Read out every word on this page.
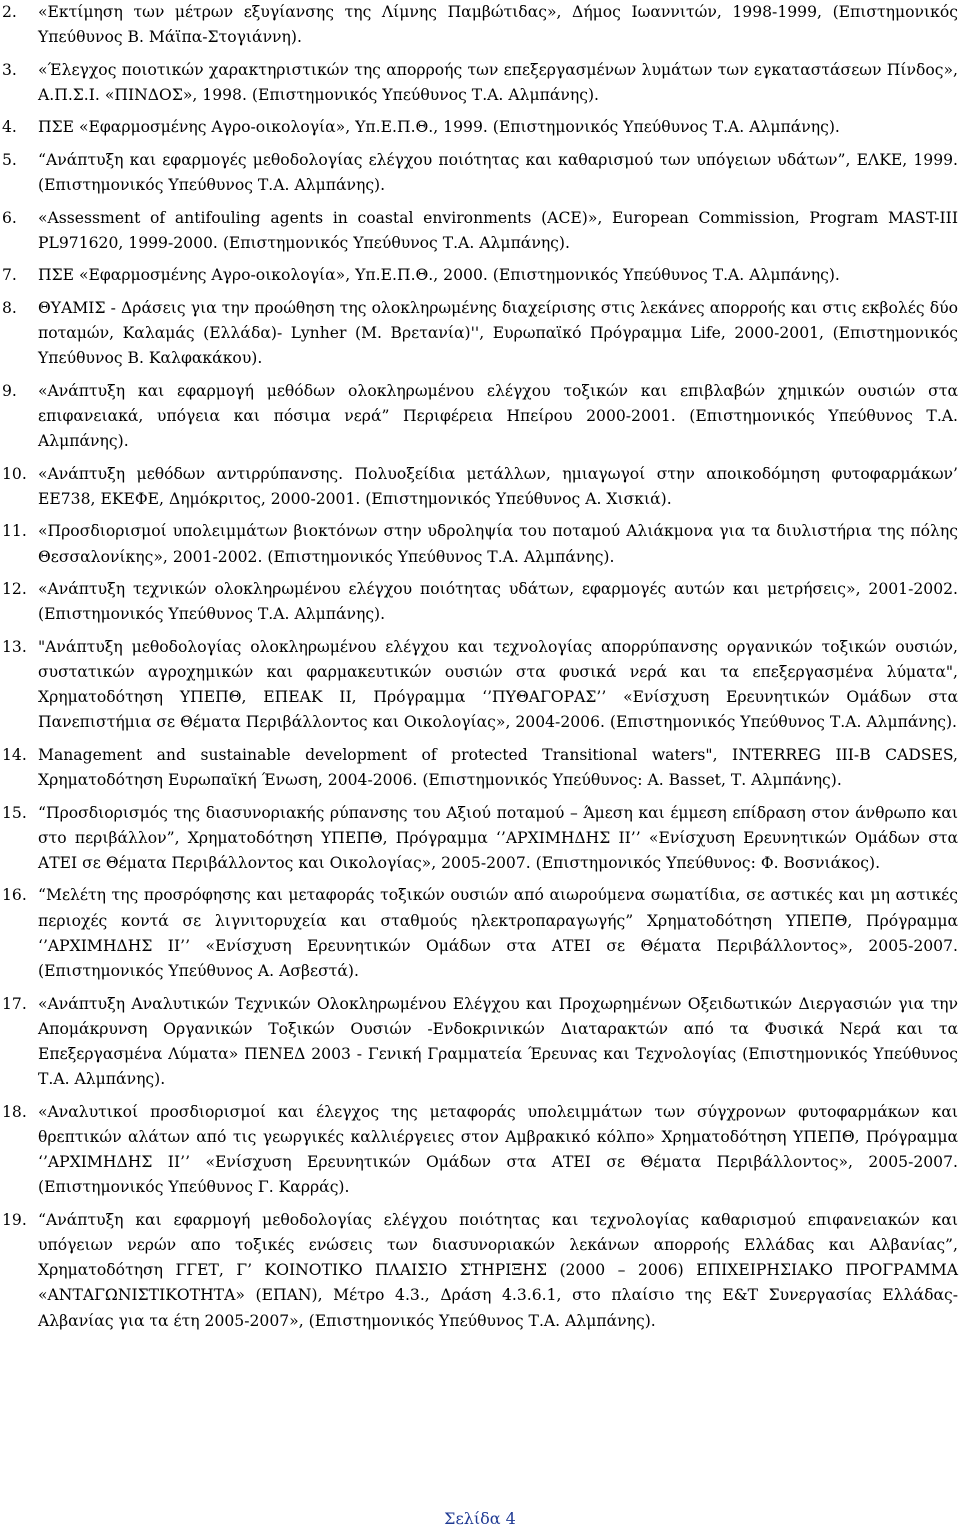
2. «Εκτίμηση των μέτρων εξυγίανσης της Λίμνης Παμβώτιδας», Δήμος Ιωαννιτών, 1998-1999, (Επιστημονικός Υπεύθυνος Β. Μάϊπα-Στογιάννη).
3. «Έλεγχος ποιοτικών χαρακτηριστικών της απορροής των επεξεργασμένων λυμάτων των εγκαταστάσεων Πίνδος», Α.Π.Σ.Ι. «ΠΙΝΔΟΣ», 1998. (Επιστημονικός Υπεύθυνος Τ.Α. Αλμπάνης).
4. ΠΣΕ «Εφαρμοσμένης Αγρο-οικολογία», Υπ.Ε.Π.Θ., 1999. (Επιστημονικός Υπεύθυνος Τ.Α. Αλμπάνης).
5. “Ανάπτυξη και εφαρμογές μεθοδολογίας ελέγχου ποιότητας και καθαρισμού των υπόγειων υδάτων”, ΕΛΚΕ, 1999. (Επιστημονικός Υπεύθυνος Τ.Α. Αλμπάνης).
6. «Assessment of antifouling agents in coastal environments (ACE)», European Commission, Program MAST-III PL971620, 1999-2000. (Επιστημονικός Υπεύθυνος Τ.Α. Αλμπάνης).
7. ΠΣΕ «Εφαρμοσμένης Αγρο-οικολογία», Υπ.Ε.Π.Θ., 2000. (Επιστημονικός Υπεύθυνος Τ.Α. Αλμπάνης).
8. ΘΥΑΜΙΣ - Δράσεις για την προώθηση της ολοκληρωμένης διαχείρισης στις λεκάνες απορροής και στις εκβολές δύο ποταμών, Καλαμάς (Ελλάδα)- Lynher (Μ. Βρετανία)'', Ευρωπαϊκό Πρόγραμμα Life, 2000-2001, (Επιστημονικός Υπεύθυνος Β. Καλφακάκου).
9. «Ανάπτυξη και εφαρμογή μεθόδων ολοκληρωμένου ελέγχου τοξικών και επιβλαβών χημικών ουσιών στα επιφανειακά, υπόγεια και πόσιμα νερά” Περιφέρεια Ηπείρου 2000-2001. (Επιστημονικός Υπεύθυνος Τ.Α. Αλμπάνης).
10. «Ανάπτυξη μεθόδων αντιρρύπανσης. Πολυοξείδια μετάλλων, ημιαγωγοί στην αποικοδόμηση φυτοφαρμάκων’ ΕΕ738, ΕΚΕΦΕ, Δημόκριτος, 2000-2001. (Επιστημονικός Υπεύθυνος Α. Χισκιά).
11. «Προσδιορισμοί υπολειμμάτων βιοκτόνων στην υδροληψία του ποταμού Αλιάκμονα για τα διυλιστήρια της πόλης Θεσσαλονίκης», 2001-2002. (Επιστημονικός Υπεύθυνος Τ.Α. Αλμπάνης).
12. «Ανάπτυξη τεχνικών ολοκληρωμένου ελέγχου ποιότητας υδάτων, εφαρμογές αυτών και μετρήσεις», 2001-2002. (Επιστημονικός Υπεύθυνος Τ.Α. Αλμπάνης).
13. "Ανάπτυξη μεθοδολογίας ολοκληρωμένου ελέγχου και τεχνολογίας απορρύπανσης οργανικών τοξικών ουσιών, συστατικών αγροχημικών και φαρμακευτικών ουσιών στα φυσικά νερά και τα επεξεργασμένα λύματα", Χρηματοδότηση ΥΠΕΠΘ, ΕΠΕΑΚ ΙΙ, Πρόγραμμα ‘’ΠΥΘΑΓΟΡΑΣ’’ «Ενίσχυση Ερευνητικών Ομάδων στα Πανεπιστήμια σε Θέματα Περιβάλλοντος και Οικολογίας», 2004-2006. (Επιστημονικός Υπεύθυνος Τ.Α. Αλμπάνης).
14. Management and sustainable development of protected Transitional waters", INTERREG III-B CADSES, Χρηματοδότηση Ευρωπαϊκή Ένωση, 2004-2006. (Επιστημονικός Υπεύθυνος: A. Basset, Τ. Αλμπάνης).
15. “Προσδιορισμός της διασυνοριακής ρύπανσης του Αξιού ποταμού – Άμεση και έμμεση επίδραση στον άνθρωπο και στο περιβάλλον”, Χρηματοδότηση ΥΠΕΠΘ, Πρόγραμμα ‘’ΑΡΧΙΜΗΔΗΣ ΙΙ’’ «Ενίσχυση Ερευνητικών Ομάδων στα ΑΤΕΙ σε Θέματα Περιβάλλοντος και Οικολογίας», 2005-2007. (Επιστημονικός Υπεύθυνος: Φ. Βοσνιάκος).
16. “Μελέτη της προσρόφησης και μεταφοράς τοξικών ουσιών από αιωρούμενα σωματίδια, σε αστικές και μη αστικές περιοχές κοντά σε λιγνιτορυχεία και σταθμούς ηλεκτροπαραγωγής” Χρηματοδότηση ΥΠΕΠΘ, Πρόγραμμα ‘’ΑΡΧΙΜΗΔΗΣ ΙΙ’’ «Ενίσχυση Ερευνητικών Ομάδων στα ΑΤΕΙ σε Θέματα Περιβάλλοντος», 2005-2007. (Επιστημονικός Υπεύθυνος Α. Ασβεστά).
17. «Ανάπτυξη Αναλυτικών Τεχνικών Ολοκληρωμένου Ελέγχου και Προχωρημένων Οξειδωτικών Διεργασιών για την Απομάκρυνση Οργανικών Τοξικών Ουσιών -Ενδοκρινικών Διαταρακτών από τα Φυσικά Νερά και τα Επεξεργασμένα Λύματα» ΠΕΝΕΔ 2003 - Γενική Γραμματεία Έρευνας και Τεχνολογίας (Επιστημονικός Υπεύθυνος Τ.Α. Αλμπάνης).
18. «Αναλυτικοί προσδιορισμοί και έλεγχος της μεταφοράς υπολειμμάτων των σύγχρονων φυτοφαρμάκων και θρεπτικών αλάτων από τις γεωργικές καλλιέργειες στον Αμβρακικό κόλπο» Χρηματοδότηση ΥΠΕΠΘ, Πρόγραμμα ‘’ΑΡΧΙΜΗΔΗΣ ΙΙ’’ «Ενίσχυση Ερευνητικών Ομάδων στα ΑΤΕΙ σε Θέματα Περιβάλλοντος», 2005-2007. (Επιστημονικός Υπεύθυνος Γ. Καρράς).
19. “Ανάπτυξη και εφαρμογή μεθοδολογίας ελέγχου ποιότητας και τεχνολογίας καθαρισμού επιφανειακών και υπόγειων νερών απο τοξικές ενώσεις των διασυνοριακών λεκάνων απορροής Ελλάδας και Αλβανίας”, Χρηματοδότηση ΓΓΕΤ, Γ’ ΚΟΙΝΟΤΙΚΟ ΠΛΑΙΣΙΟ ΣΤΗΡΙΞΗΣ (2000 – 2006) ΕΠΙΧΕΙΡΗΣΙΑΚΟ ΠΡΟΓΡΑΜΜΑ «ΑΝΤΑΓΩΝΙΣΤΙΚΟΤΗΤΑ» (ΕΠΑΝ), Μέτρο 4.3., Δράση 4.3.6.1, στο πλαίσιο της Ε&Τ Συνεργασίας Ελλάδας-Αλβανίας για τα έτη 2005-2007», (Επιστημονικός Υπεύθυνος Τ.Α. Αλμπάνης).
Σελίδα 4
